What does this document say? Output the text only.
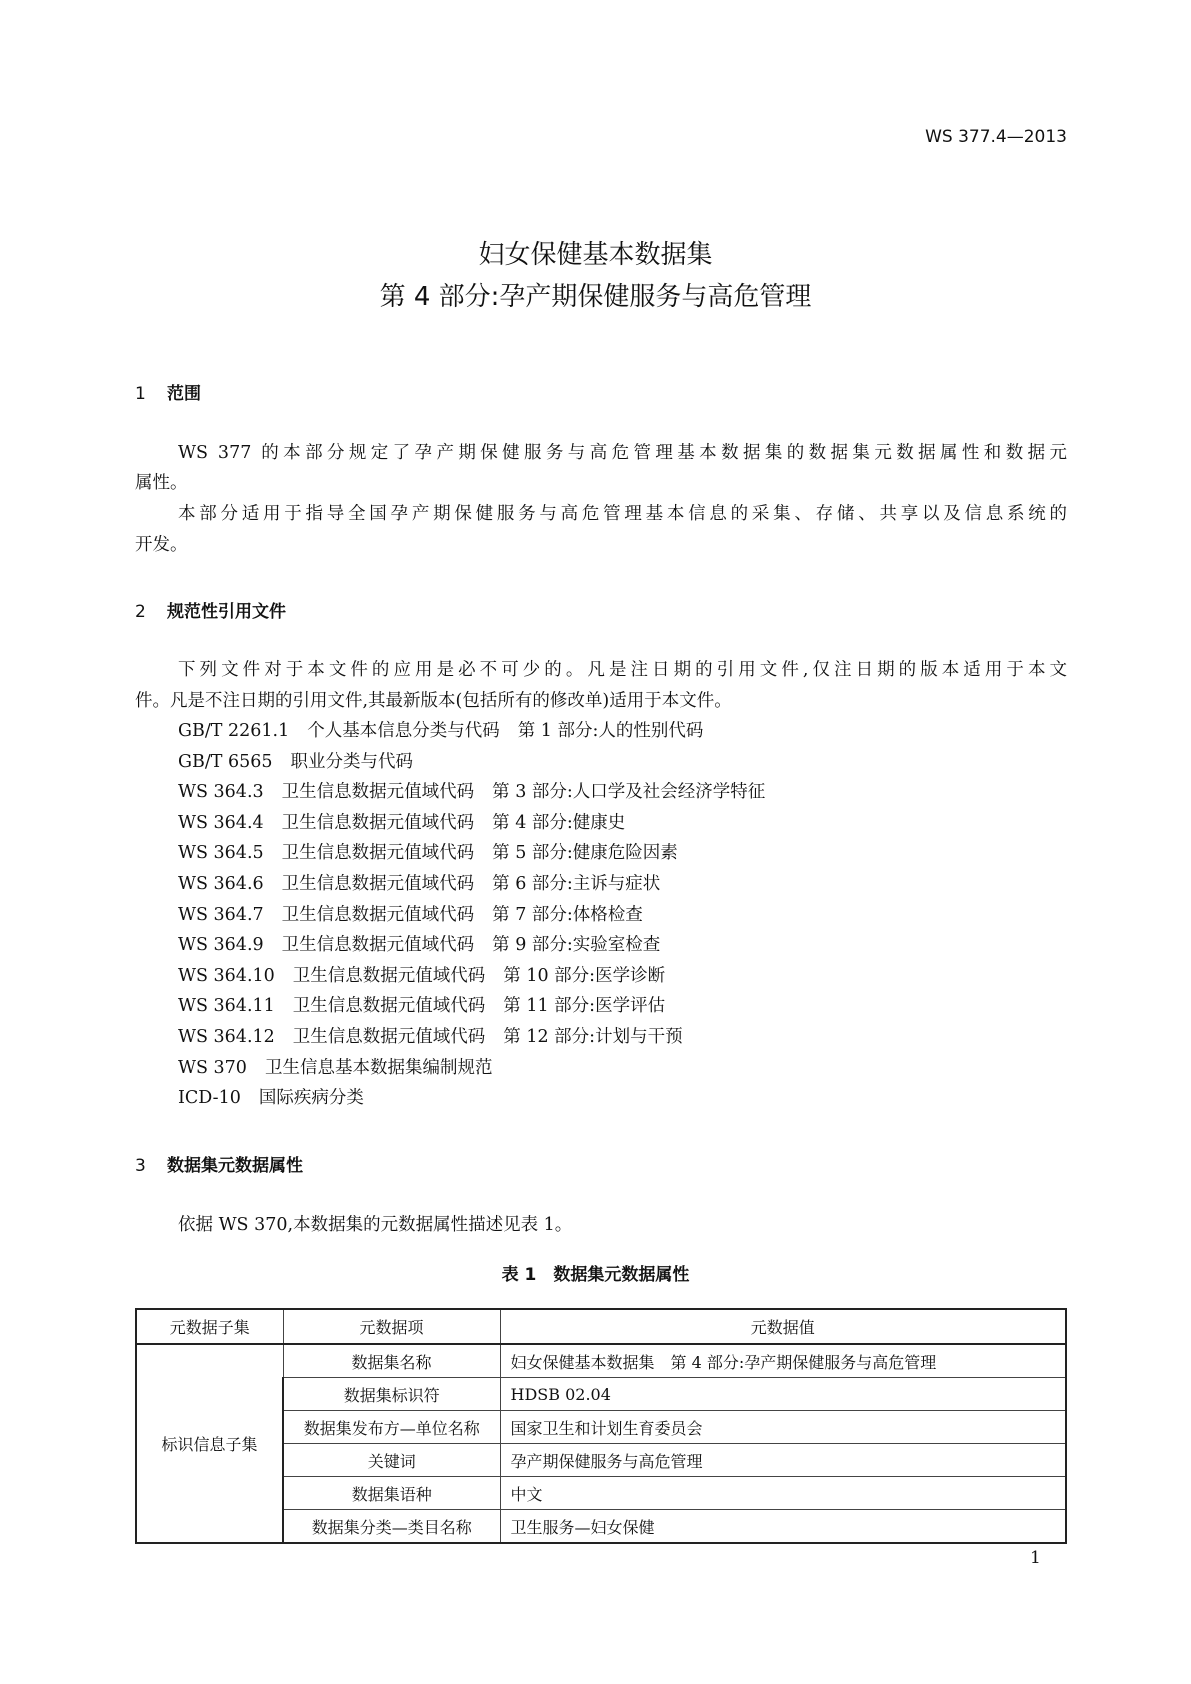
WS 377.4—2013
妇女保健基本数据集
第 4 部分:孕产期保健服务与高危管理
1 范围
WS 377 的本部分规定了孕产期保健服务与高危管理基本数据集的数据集元数据属性和数据元
属性。
本部分适用于指导全国孕产期保健服务与高危管理基本信息的采集、存储、共享以及信息系统的
开发。
2 规范性引用文件
下列文件对于本文件的应用是必不可少的。凡是注日期的引用文件,仅注日期的版本适用于本文
件。凡是不注日期的引用文件,其最新版本(包括所有的修改单)适用于本文件。
GB/T 2261.1 个人基本信息分类与代码 第 1 部分:人的性别代码
GB/T 6565 职业分类与代码
WS 364.3 卫生信息数据元值域代码 第 3 部分:人口学及社会经济学特征
WS 364.4 卫生信息数据元值域代码 第 4 部分:健康史
WS 364.5 卫生信息数据元值域代码 第 5 部分:健康危险因素
WS 364.6 卫生信息数据元值域代码 第 6 部分:主诉与症状
WS 364.7 卫生信息数据元值域代码 第 7 部分:体格检查
WS 364.9 卫生信息数据元值域代码 第 9 部分:实验室检查
WS 364.10 卫生信息数据元值域代码 第 10 部分:医学诊断
WS 364.11 卫生信息数据元值域代码 第 11 部分:医学评估
WS 364.12 卫生信息数据元值域代码 第 12 部分:计划与干预
WS 370 卫生信息基本数据集编制规范
ICD-10 国际疾病分类
3 数据集元数据属性
依据 WS 370,本数据集的元数据属性描述见表 1。
表 1　数据集元数据属性
元数据子集	元数据项	元数据值
标识信息子集	数据集名称	妇女保健基本数据集　第 4 部分:孕产期保健服务与高危管理
	数据集标识符	HDSB 02.04
	数据集发布方—单位名称	国家卫生和计划生育委员会
	关键词	孕产期保健服务与高危管理
	数据集语种	中文
	数据集分类—类目名称	卫生服务—妇女保健
1
